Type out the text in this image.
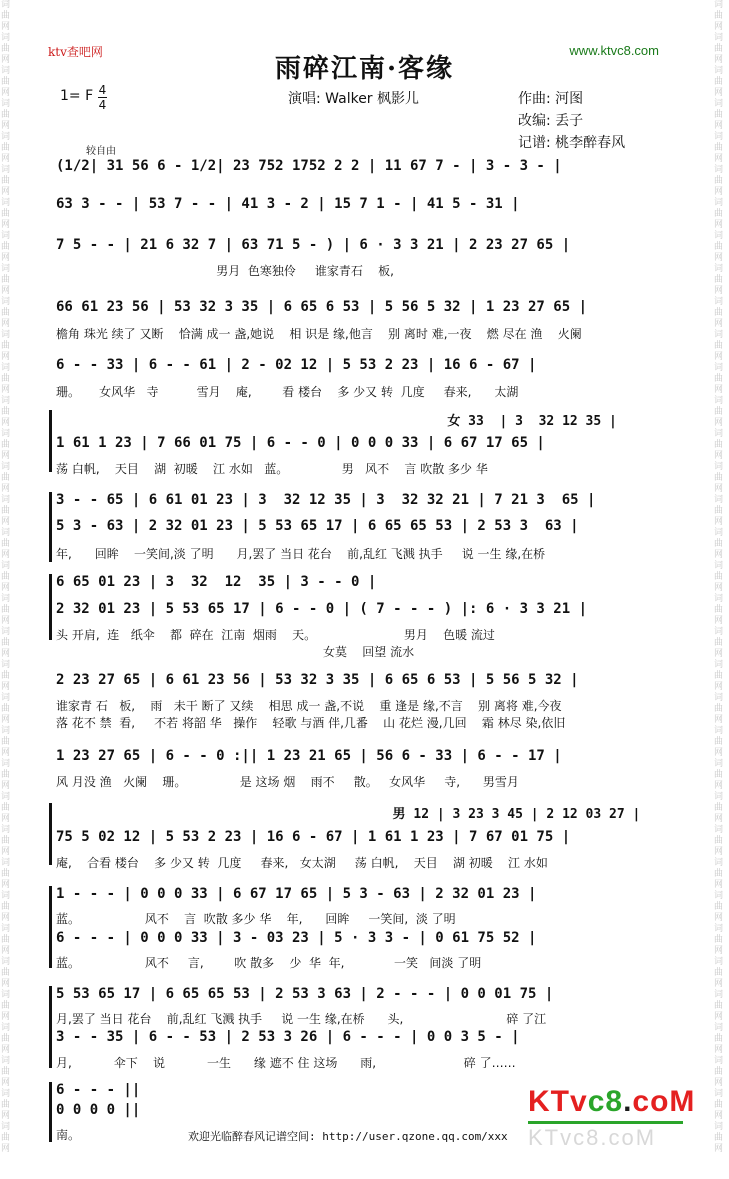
词曲网 词曲网 词曲网 词曲网 词曲网 词曲网 词曲网 词曲网 词曲网 词曲网 词曲网 词曲网 词曲网 词曲网 词曲网 词曲网 词曲网 词曲网 词曲网 词曲网 词曲网 词曲网 词曲网 词曲网 词曲网 词曲网 词曲网 词曲网 词曲网 词曲网 词曲网 词曲网 词曲网 词曲网 词曲网
词曲网 词曲网 词曲网 词曲网 词曲网 词曲网 词曲网 词曲网 词曲网 词曲网 词曲网 词曲网 词曲网 词曲网 词曲网 词曲网 词曲网 词曲网 词曲网 词曲网 词曲网 词曲网 词曲网 词曲网 词曲网 词曲网 词曲网 词曲网 词曲网 词曲网 词曲网 词曲网 词曲网 词曲网 词曲网
ktv查吧网	www.ktvc8.com
雨碎江南·客缘
1= F 4
4	演唱: Walker 枫影儿	作曲: 河图
改编: 丢子
记谱: 桃李醉春风
较自由
(1/2| 31 56 6 - 1/2| 23 752 1752 2 2 | 11 67 7 - | 3 - 3 - |
63 3 - - | 53 7 - - | 41 3 - 2 | 15 7 1 - | 41 5 - 31 |
7 5 - - | 21 6 32 7 | 63 71 5 - ) | 6 · 3 3 21 | 2 23 27 65 |
男月  色寒独伶     谁家青石    板,
66 61 23 56 | 53 32 3 35 | 6 65 6 53 | 5 56 5 32 | 1 23 27 65 |
檐角 珠光 续了 又断    恰满 成一 盏,她说    相 识是 缘,他言    别 离时 难,一夜    燃 尽在 渔    火阑
6 - - 33 | 6 - - 61 | 2 - 02 12 | 5 53 2 23 | 16 6 - 67 |
珊。     女风华   寺          雪月    庵,        看 楼台    多 少又 转  几度     春来,      太湖
女 33  | 3  32 12 35 |
1 61 1 23 | 7 66 01 75 | 6 - - 0 | 0 0 0 33 | 6 67 17 65 |
荡 白帆,    天目    湖  初暖    江 水如   蓝。              男   风不    言 吹散 多少 华
3 - - 65 | 6 61 01 23 | 3  32 12 35 | 3  32 32 21 | 7 21 3  65 |
5 3 - 63 | 2 32 01 23 | 5 53 65 17 | 6 65 65 53 | 2 53 3  63 |
年,      回眸    一笑间,淡 了明      月,罢了 当日 花台    前,乱红 飞溅 执手     说 一生 缘,在桥
6 65 01 23 | 3  32  12  35 | 3 - - 0 |
2 32 01 23 | 5 53 65 17 | 6 - - 0 | ( 7 - - - ) |: 6 · 3 3 21 |
头 开肩,  连   纸伞    都  碎在  江南  烟雨    天。                       男月    色暖 流过
女莫    回望 流水
2 23 27 65 | 6 61 23 56 | 53 32 3 35 | 6 65 6 53 | 5 56 5 32 |
谁家青 石   板,    雨   未干 断了 又续    相思 成一 盏,不说    重 逢是 缘,不言    别 离将 难,今夜
落 花不 禁  看,     不若 将韶 华   操作    轻歌 与酒 伴,几番    山 花烂 漫,几回    霜 林尽 染,依旧
1 23 27 65 | 6 - - 0 :|| 1 23 21 65 | 56 6 - 33 | 6 - - 17 |
风 月没 渔   火阑    珊。              是 这场 烟    雨不     散。   女风华     寺,      男雪月
男 12 | 3 23 3 45 | 2 12 03 27 |
75 5 02 12 | 5 53 2 23 | 16 6 - 67 | 1 61 1 23 | 7 67 01 75 |
庵,    合看 楼台    多 少又 转  几度     春来,   女太湖     荡 白帆,    天目    湖 初暖    江 水如
1 - - - | 0 0 0 33 | 6 67 17 65 | 5 3 - 63 | 2 32 01 23 |
蓝。                 风不    言  吹散 多少 华    年,      回眸     一笑间,  淡 了明
6 - - - | 0 0 0 33 | 3 - 03 23 | 5 · 3 3 - | 0 61 75 52 |
蓝。                 风不     言,        吹 散多    少  华  年,             一笑   间淡 了明
5 53 65 17 | 6 65 65 53 | 2 53 3 63 | 2 - - - | 0 0 01 75 |
月,罢了 当日 花台    前,乱红 飞溅 执手     说 一生 缘,在桥      头,                           碎 了江
3 - - 35 | 6 - - 53 | 2 53 3 26 | 6 - - - | 0 0 3 5 - |
月,           伞下    说           一生      缘 遮不 住 这场      雨,                       碎 了……
6 - - - ||
0 0 0 0 ||
南。	欢迎光临醉春风记谱空间: http://user.qzone.qq.com/xxx
KTvc8.coM
KTvc8.coM
